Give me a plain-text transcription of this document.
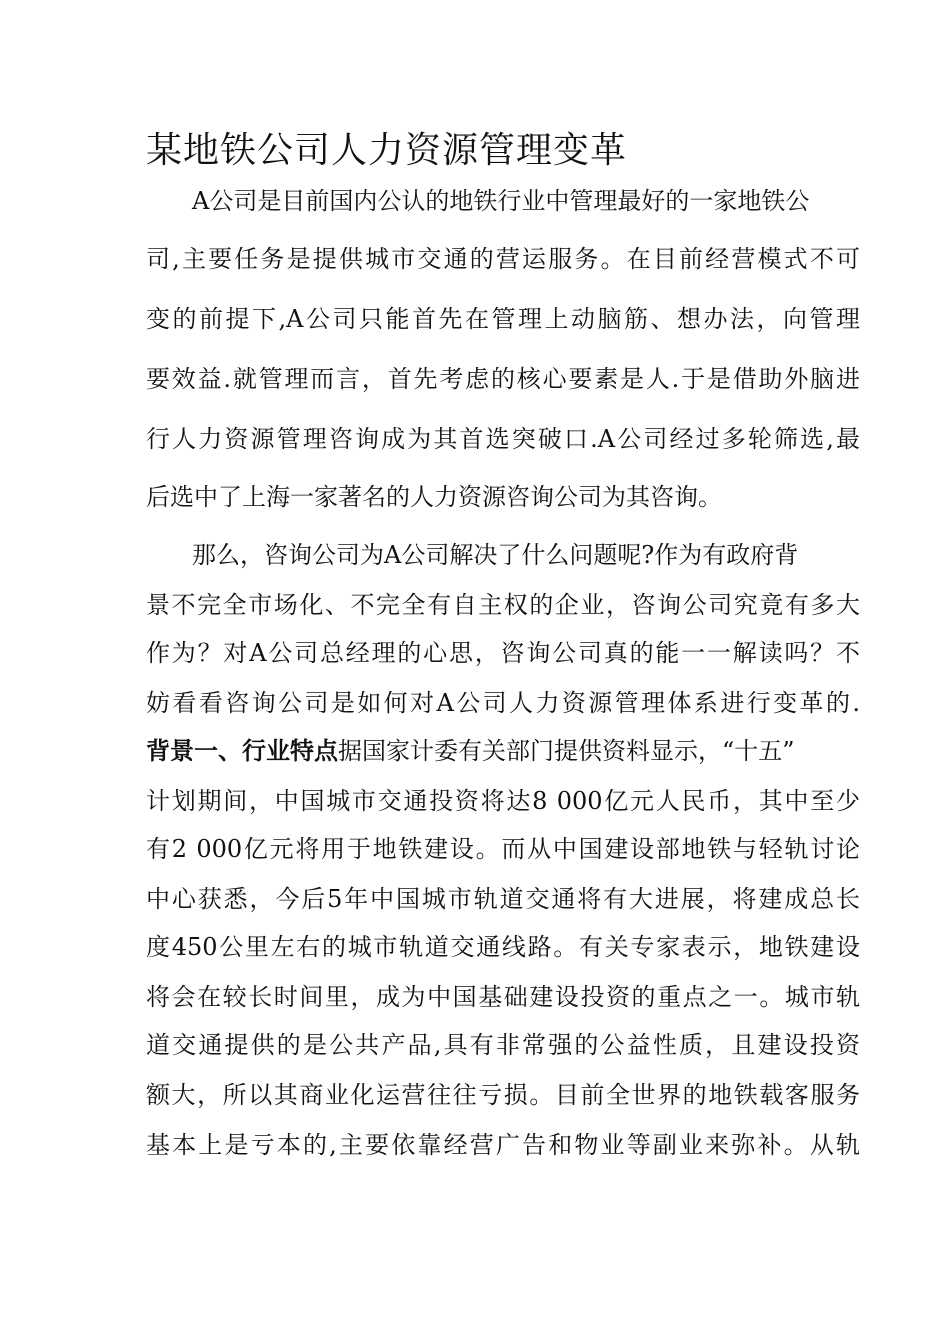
某地铁公司人力资源管理变革

A公司是目前国内公认的地铁行业中管理最好的一家地铁公

司,主要任务是提供城市交通的营运服务。在目前经营模式不可

变的前提下,A公司只能首先在管理上动脑筋、想办法，向管理

要效益.就管理而言，首先考虑的核心要素是人.于是借助外脑进

行人力资源管理咨询成为其首选突破口.A公司经过多轮筛选,最

后选中了上海一家著名的人力资源咨询公司为其咨询。

那么，咨询公司为A公司解决了什么问题呢?作为有政府背

景不完全市场化、不完全有自主权的企业，咨询公司究竟有多大

作为？对A公司总经理的心思，咨询公司真的能一一解读吗？不

妨看看咨询公司是如何对A公司人力资源管理体系进行变革的.

背景一、行业特点据国家计委有关部门提供资料显示，“十五”

计划期间，中国城市交通投资将达8 000亿元人民币，其中至少

有2 000亿元将用于地铁建设。而从中国建设部地铁与轻轨讨论

中心获悉，今后5年中国城市轨道交通将有大进展，将建成总长

度450公里左右的城市轨道交通线路。有关专家表示，地铁建设

将会在较长时间里，成为中国基础建设投资的重点之一。城市轨

道交通提供的是公共产品,具有非常强的公益性质，且建设投资

额大，所以其商业化运营往往亏损。目前全世界的地铁载客服务

基本上是亏本的,主要依靠经营广告和物业等副业来弥补。从轨
